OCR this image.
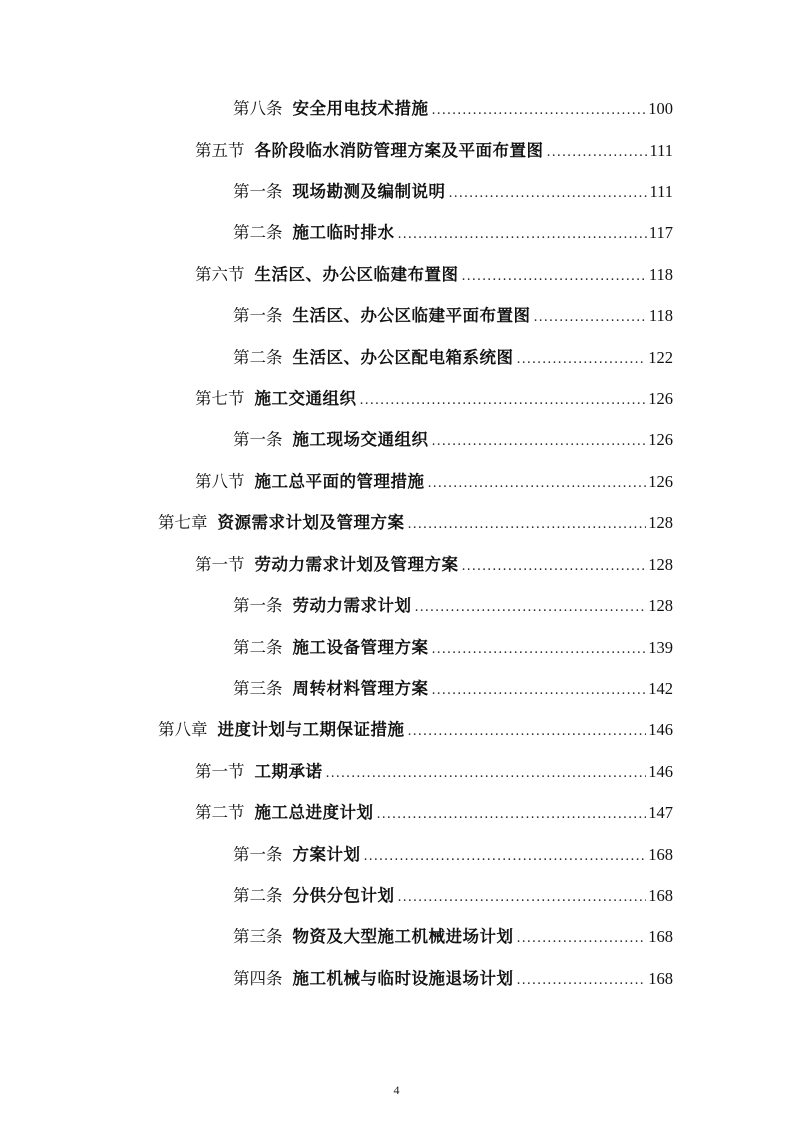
第八条 安全用电技术措施 .....	100
第五节 各阶段临水消防管理方案及平面布置图 .....	111
第一条 现场勘测及编制说明 .....	111
第二条 施工临时排水 .....	117
第六节 生活区、办公区临建布置图 .....	118
第一条 生活区、办公区临建平面布置图 .....	118
第二条 生活区、办公区配电箱系统图 .....	122
第七节 施工交通组织 .....	126
第一条 施工现场交通组织 .....	126
第八节 施工总平面的管理措施 .....	126
第七章 资源需求计划及管理方案 .....	128
第一节 劳动力需求计划及管理方案 .....	128
第一条 劳动力需求计划 .....	128
第二条 施工设备管理方案 .....	139
第三条 周转材料管理方案 .....	142
第八章 进度计划与工期保证措施 .....	146
第一节 工期承诺 .....	146
第二节 施工总进度计划 .....	147
第一条 方案计划 .....	168
第二条 分供分包计划 .....	168
第三条 物资及大型施工机械进场计划 .....	168
第四条 施工机械与临时设施退场计划 .....	168
4
